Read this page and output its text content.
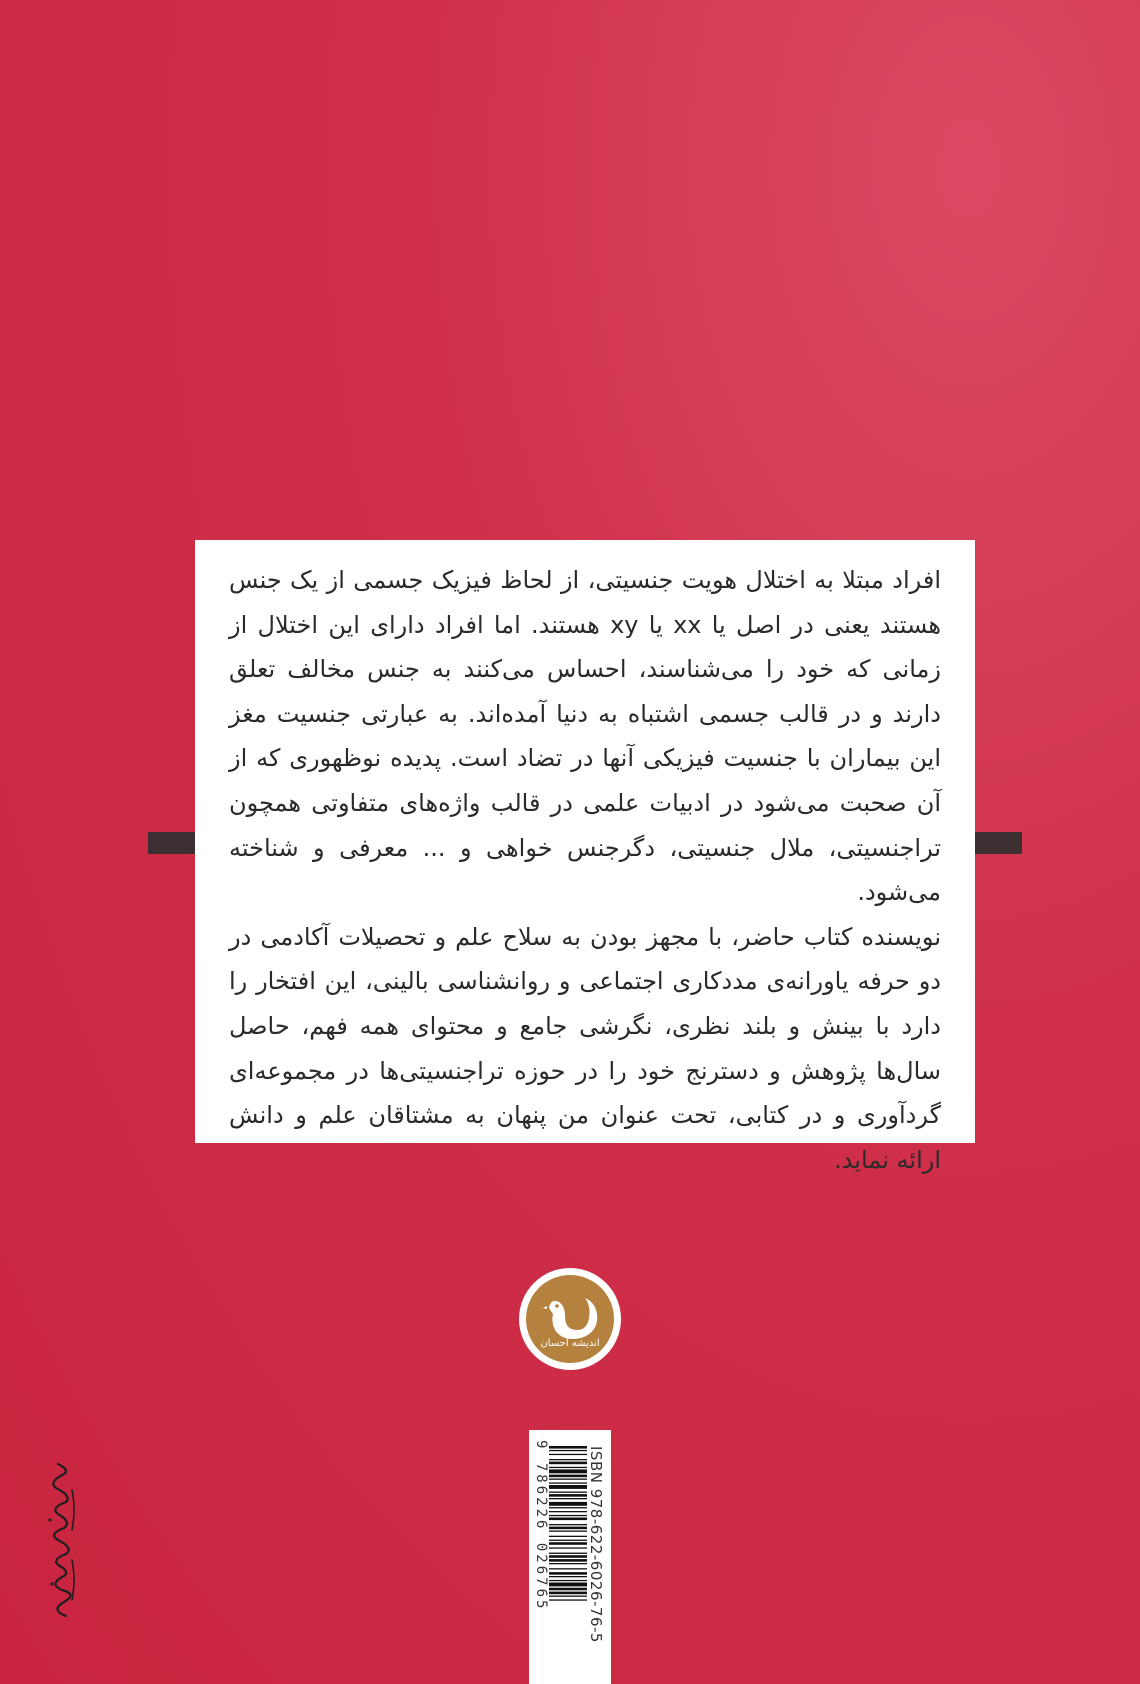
افراد مبتلا به اختلال هویت جنسیتی، از لحاظ فیزیک جسمی از یک جنس هستند یعنی در اصل یا xx یا xy هستند. اما افراد دارای این اختلال از زمانی که خود را می‌شناسند، احساس می‌کنند به جنس مخالف تعلق دارند و در قالب جسمی اشتباه به دنیا آمده‌اند. به عبارتی جنسیت مغز این بیماران با جنسیت فیزیکی آنها در تضاد است. پدیده نوظهوری که از آن صحبت می‌شود در ادبیات علمی در قالب واژه‌های متفاوتی همچون تراجنسیتی، ملال جنسیتی، دگرجنس خواهی و ... معرفی و شناخته می‌شود.

نویسنده کتاب حاضر، با مجهز بودن به سلاح علم و تحصیلات آکادمی در دو حرفه یاورانه‌ی مددکاری اجتماعی و روانشناسی بالینی، این افتخار را دارد با بینش و بلند نظری، نگرشی جامع و محتوای همه فهم، حاصل سال‌ها پژوهش و دسترنج خود را در حوزه تراجنسیتی‌ها در مجموعه‌ای گردآوری و در کتابی، تحت عنوان من پنهان به مشتاقان علم و دانش ارائه نماید.

اندیشه احسان
ISBN 978-622-6026-76-5
9 786226 026765
